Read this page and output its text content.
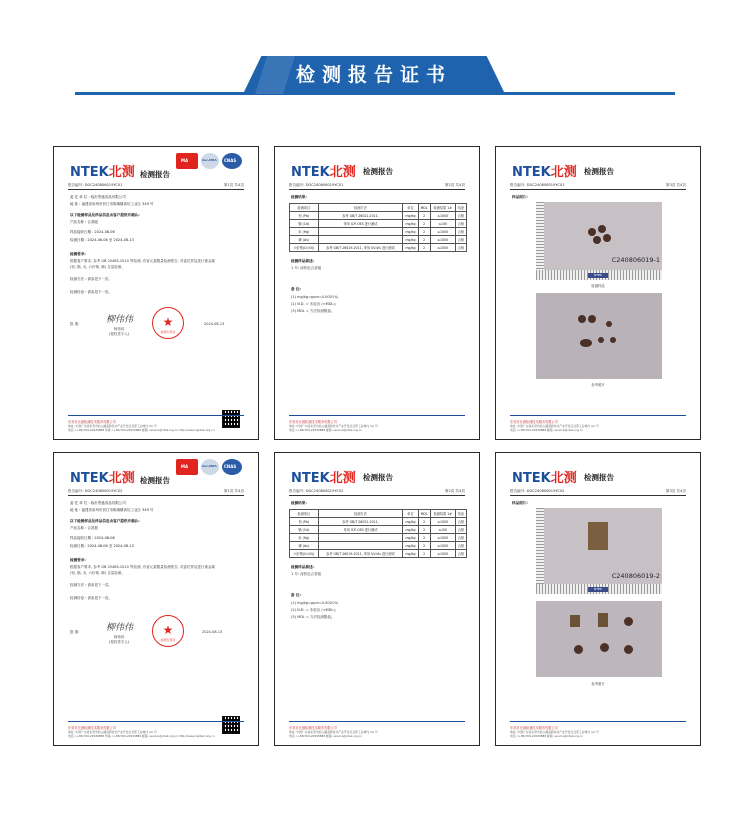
检测报告证书
NTEK北测 检测报告
MA	ilac-MRA CNAS
报告编号: DGC240806019YC01	第1页 共4页
委 托 单 位 : 临沂景盛食品有限公司
地 址 : 福建省泉州市晋江市陈埭镇高坑工业区 349 号
以下检测样品及样品信息由客户提供并确认:
产品名称 : 合香磁
样品接收日期 : 2024-08-06
检测日期 : 2024-08-06 至 2024-08-13
检测要求:
根据客户要求, 参考 GB 25485-2010 等检测, 有害元素限量检测报告, 对委托样品进行重金属
(铅, 镉, 汞, 六价铬, 砷) 含量检测。
检测方法 : 请参见下一页。
检测结论 : 请参见下一页。
批 准:	柳伟伟
柯伟伟
(授权签字人)
★
检测专用章
2024-08-13
东莞市北测检测技术服务有限公司
地址: 中国广东省东莞市松山湖高新技术产业开发区北部工业城内 (A) 号
电话: (+86)769-22930888 传真: (+86)769-22930889 邮箱: service@ntek.org.cn http://www.dgntek.org.cn
NTEK北测 检测报告
报告编号: DGC240806019YC01	第2页 共4页
检测结果:
检测项目	检测方法	单位	MDL	检测结果 1#	结论
铅 (Pb)	参考 GB/T 26021-2011,	mg/kg	2	≤1000	合格
镉 (Cd)	采用 ICP-OES 进行测试	mg/kg	2	≤100	合格
汞 (Hg)		mg/kg	2	≤1000	合格
砷 (As)		mg/kg	2	≤1000	合格
六价铬(Cr(VI))	参考 GB/T 26019-2011, 采用 UV-Vis 进行测试	mg/kg	2	≤1000	合格
检测样品描述:
1 号: 深棕色合香磁
备 注:
(1) mg/kg=ppm=0.0001%;
(2) N.D. = 未检出 (<MDL);
(3) MDL = 方法检测限值。
东莞市北测检测技术服务有限公司
地址: 中国广东省东莞市松山湖高新技术产业开发区北部工业城内 (A) 号
电话: (+86)769-22930888 邮箱: service@ntek.org.cn
NTEK北测 检测报告
报告编号: DGC240806019YC01	第3页 共4页
样品照片:
C240806019-1
NTEK
检测样品
参考照片
东莞市北测检测技术服务有限公司
地址: 中国广东省东莞市松山湖高新技术产业开发区北部工业城内 (A) 号
电话: (+86)769-22930888 邮箱: service@ntek.org.cn
NTEK北测 检测报告
MA	ilac-MRA CNAS
报告编号: DGC240806019YC02	第1页 共4页
委 托 单 位 : 临沂景盛食品有限公司
地 址 : 福建省泉州市晋江市陈埭镇高坑工业区 349 号
以下检测样品及样品信息由客户提供并确认:
产品名称 : 合香板
样品接收日期 : 2024-08-06
检测日期 : 2024-08-06 至 2024-08-13
检测要求:
根据客户要求, 参考 GB 25485-2010 等检测, 有害元素限量检测报告, 对委托样品进行重金属
(铅, 镉, 汞, 六价铬, 砷) 含量检测。
检测方法 : 请参见下一页。
检测结论 : 请参见下一页。
批 准:	柳伟伟
柯伟伟
(授权签字人)
★
检测专用章
2024-08-13
东莞市北测检测技术服务有限公司
地址: 中国广东省东莞市松山湖高新技术产业开发区北部工业城内 (A) 号
电话: (+86)769-22930888 传真: (+86)769-22930889 邮箱: service@ntek.org.cn http://www.dgntek.org.cn
NTEK北测 检测报告
报告编号: DGC240806019YC02	第2页 共4页
检测结果:
检测项目	检测方法	单位	MDL	检测结果 1#	结论
铅 (Pb)	参考 GB/T 26021-2011,	mg/kg	2	≤1000	合格
镉 (Cd)	采用 ICP-OES 进行测试	mg/kg	2	≤100	合格
汞 (Hg)		mg/kg	2	≤1000	合格
砷 (As)		mg/kg	2	≤1000	合格
六价铬(Cr(VI))	参考 GB/T 26019-2011, 采用 UV-Vis 进行测试	mg/kg	2	≤1000	合格
检测样品描述:
1 号: 深棕色合香板
备 注:
(1) mg/kg=ppm=0.0001%;
(2) N.D. = 未检出 (<MDL);
(3) MDL = 方法检测限值。
东莞市北测检测技术服务有限公司
地址: 中国广东省东莞市松山湖高新技术产业开发区北部工业城内 (A) 号
电话: (+86)769-22930888 邮箱: service@ntek.org.cn
NTEK北测 检测报告
报告编号: DGC240806019YC02	第3页 共4页
样品照片:
C240806019-2
NTEK
参考照片
东莞市北测检测技术服务有限公司
地址: 中国广东省东莞市松山湖高新技术产业开发区北部工业城内 (A) 号
电话: (+86)769-22930888 邮箱: service@ntek.org.cn
